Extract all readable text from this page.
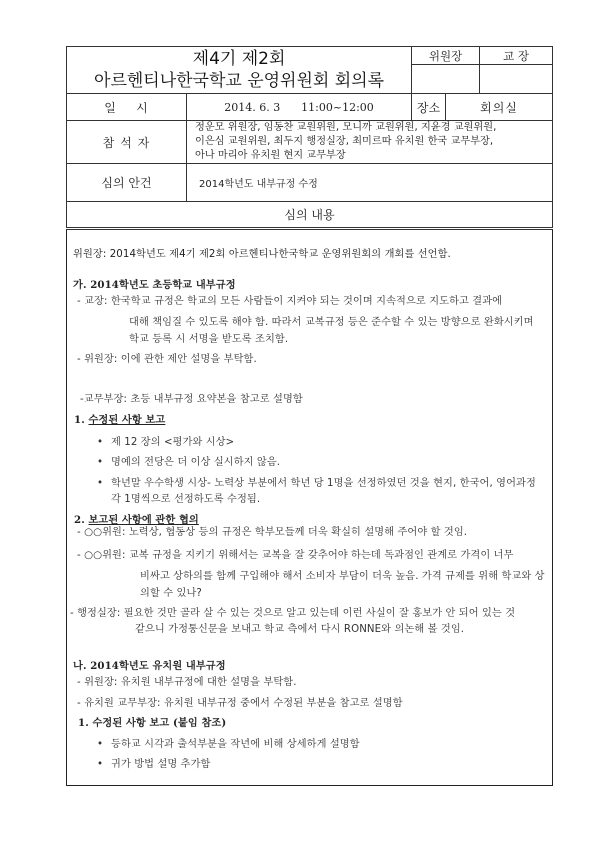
제4기 제2회
아르헨티나한국학교 운영위원회 회의록		위원장		교 장

일    시	2014. 6. 3      11:00~12:00	장소	회의실	
참 석 자	정운모 위원장, 임동찬 교원위원, 모니까 교원위원, 지윤경 교원위원,
이은심 교원위원, 최두지 행정실장, 최미르따 유치원 한국 교무부장,
아나 마리아 유치원 현지 교무부장			

심의 안건	2014학년도 내부규정 수정			
심의 내용				
위원장: 2014학년도 제4기 제2회 아르헨티나한국학교 운영위원회의 개회를 선언함.
가. 2014학년도 초등학교 내부규정
- 교장: 한국학교 규정은 학교의 모든 사람들이 지켜야 되는 것이며 지속적으로 지도하고 결과에
대해 책임질 수 있도록 해야 함. 따라서 교복규정 등은 준수할 수 있는 방향으로 완화시키며
학교 등록 시 서명을 받도록 조치함.
- 위원장: 이에 관한 제안 설명을 부탁함.
-교무부장: 초등 내부규정 요약본을 참고로 설명함
1. 수정된 사항 보고
• 제 12 장의 <평가와 시상>
• 명예의 전당은 더 이상 실시하지 않음.
• 학년말 우수학생 시상- 노력상 부분에서 학년 당 1명을 선정하였던 것을 현지, 한국어, 영어과정
각 1명씩으로 선정하도록 수정됨.
2. 보고된 사항에 관한 협의
- ○○위원: 노력상, 협동상 등의 규정은 학부모들께 더욱 확실히 설명해 주어야 할 것임.
- ○○위원: 교복 규정을 지키기 위해서는 교복을 잘 갖추어야 하는데 독과점인 관계로 가격이 너무
비싸고 상하의를 함께 구입해야 해서 소비자 부담이 더욱 높음. 가격 규제를 위해 학교와 상
의할 수 있나?
- 행정실장: 필요한 것만 골라 살 수 있는 것으로 알고 있는데 이런 사실이 잘 홍보가 안 되어 있는 것
같으니 가정통신문을 보내고 학교 측에서 다시 RONNE와 의논해 볼 것임.
나. 2014학년도 유치원 내부규정
- 위원장: 유치원 내부규정에 대한 설명을 부탁함.
- 유치원 교무부장: 유치원 내부규정 중에서 수정된 부분을 참고로 설명함
1. 수정된 사항 보고 (붙임 참조)
• 등하교 시각과 출석부분을 작년에 비해 상세하게 설명함
• 귀가 방법 설명 추가함
